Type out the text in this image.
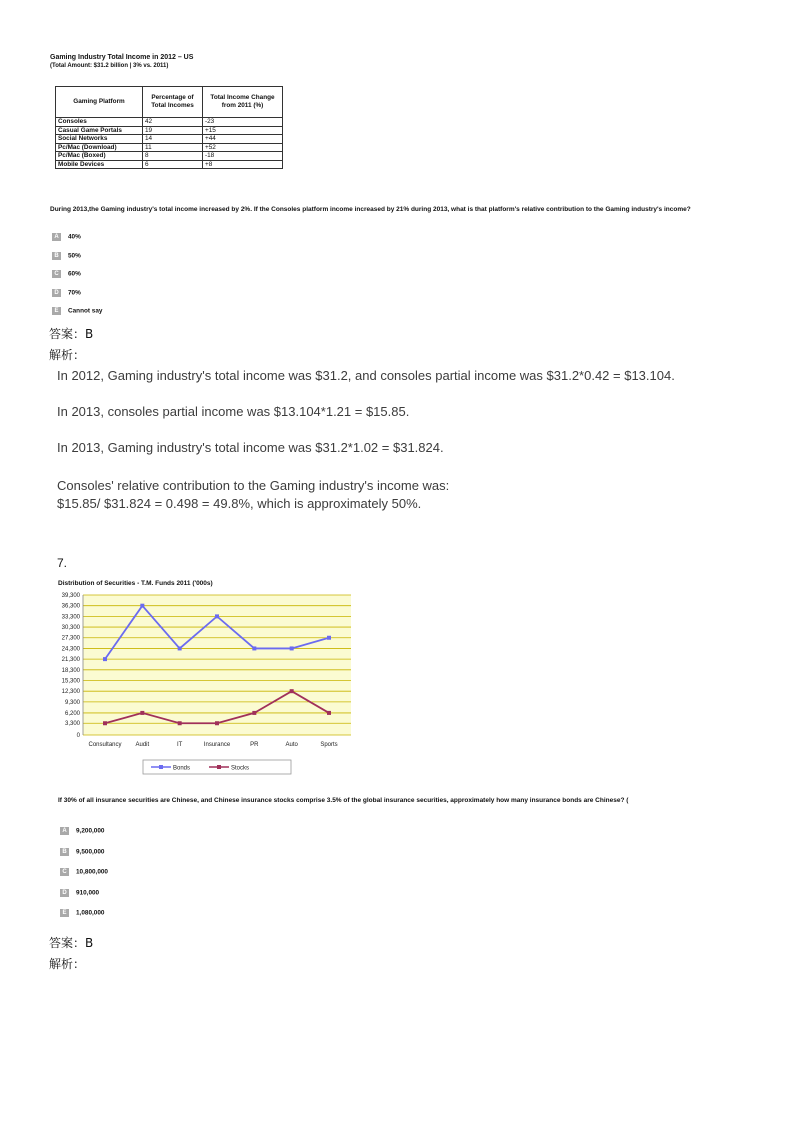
Gaming Industry Total Income in 2012 – US
(Total Amount: $31.2 billion | 3% vs. 2011)
Gaming Platform	Percentage of Total Incomes	Total Income Change from 2011 (%)
Consoles	42	-23
Casual Game Portals	19	+15
Social Networks	14	+44
Pc/Mac (Download)	11	+52
Pc/Mac (Boxed)	8	-18
Mobile Devices	6	+8
During 2013,the Gaming industry's total income increased by 2%. If the Consoles platform income increased by 21% during 2013, what is that platform's relative contribution to the Gaming industry's income?
A 40%
B 50%
C 60%
D 70%
E Cannot say
答案：B
解析：
In 2012, Gaming industry's total income was $31.2, and consoles partial income was $31.2*0.42 = $13.104.
In 2013, consoles partial income was $13.104*1.21 = $15.85.
In 2013, Gaming industry's total income was $31.2*1.02 = $31.824.
Consoles' relative contribution to the Gaming industry's income was:
$15.85/ $31.824 = 0.498 = 49.8%, which is approximately 50%.
7.
Distribution of Securities - T.M. Funds 2011 ('000s)
0
3,300
6,200
9,300
12,300
15,300
18,300
21,300
24,300
27,300
30,300
33,300
36,300
39,300
Consultancy Audit	IT	Insurance	PR	Auto	Sports
Bonds	Stocks
If 30% of all insurance securities are Chinese, and Chinese insurance stocks comprise 3.5% of the global insurance securities, approximately how many insurance bonds are Chinese? (
A 9,200,000
B 9,500,000
C 10,800,000
D 910,000
E 1,080,000
答案：B
解析：
